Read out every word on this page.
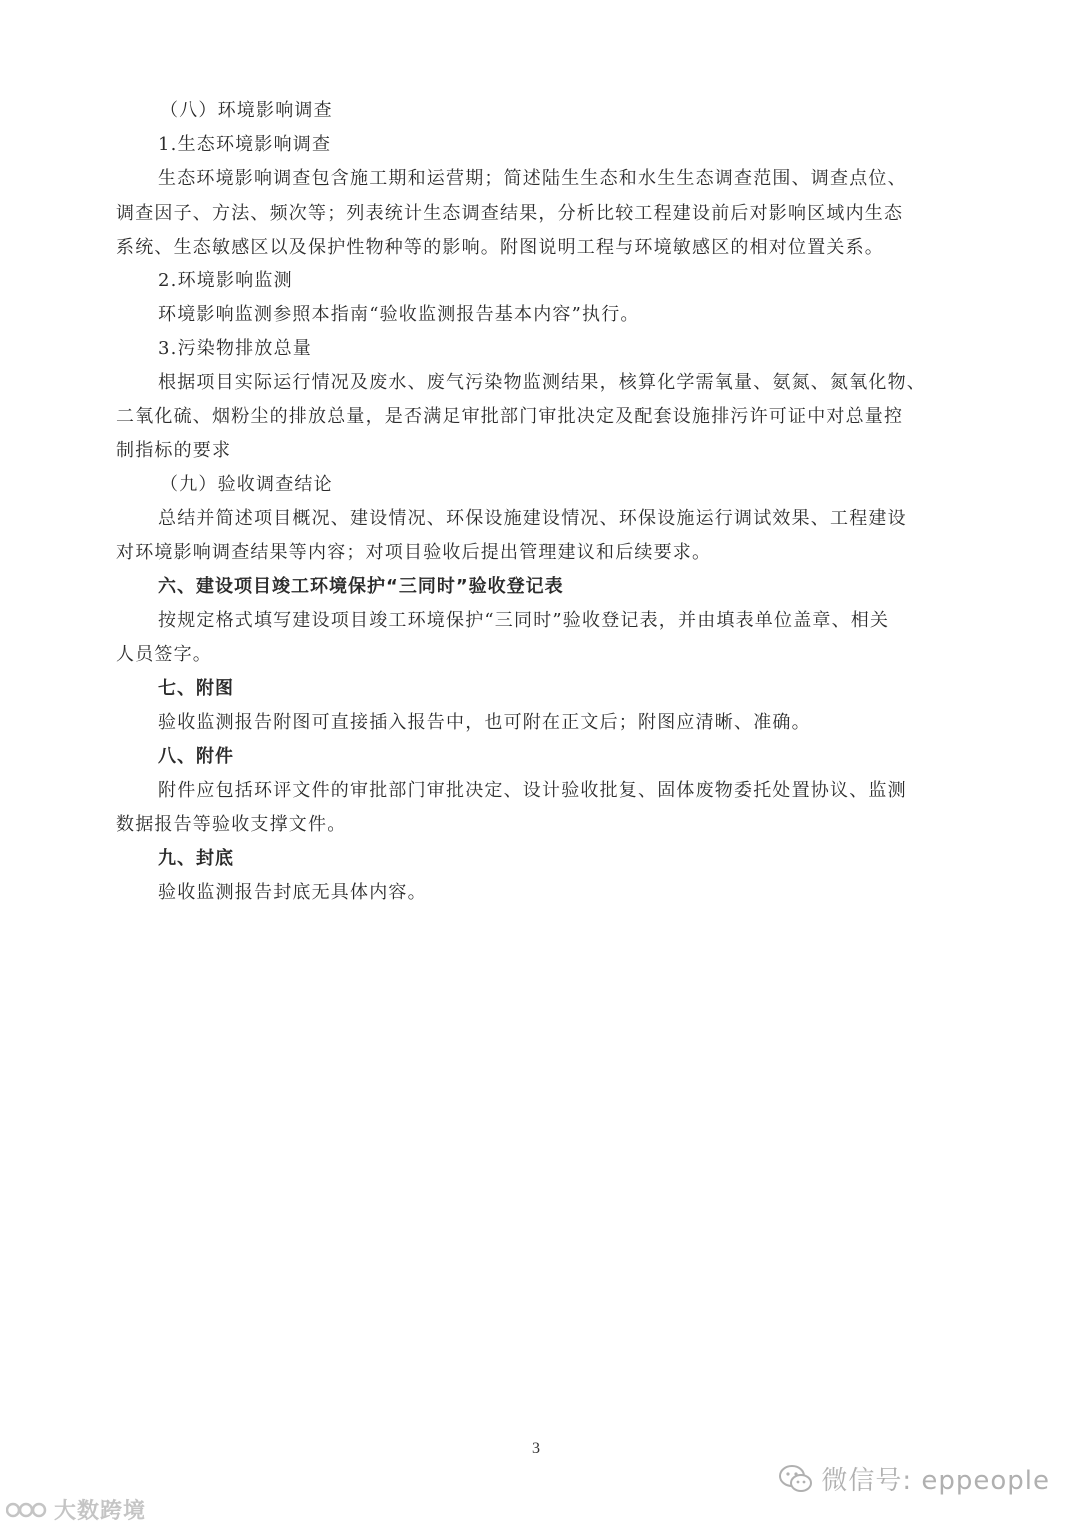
（八）环境影响调查
1.生态环境影响调查
生态环境影响调查包含施工期和运营期；简述陆生生态和水生生态调查范围、调查点位、
调查因子、方法、频次等；列表统计生态调查结果，分析比较工程建设前后对影响区域内生态
系统、生态敏感区以及保护性物种等的影响。附图说明工程与环境敏感区的相对位置关系。
2.环境影响监测
环境影响监测参照本指南“验收监测报告基本内容”执行。
3.污染物排放总量
根据项目实际运行情况及废水、废气污染物监测结果，核算化学需氧量、氨氮、氮氧化物、
二氧化硫、烟粉尘的排放总量，是否满足审批部门审批决定及配套设施排污许可证中对总量控
制指标的要求
（九）验收调查结论
总结并简述项目概况、建设情况、环保设施建设情况、环保设施运行调试效果、工程建设
对环境影响调查结果等内容；对项目验收后提出管理建议和后续要求。
六、建设项目竣工环境保护“三同时”验收登记表
按规定格式填写建设项目竣工环境保护“三同时”验收登记表，并由填表单位盖章、相关
人员签字。
七、附图
验收监测报告附图可直接插入报告中，也可附在正文后；附图应清晰、准确。
八、附件
附件应包括环评文件的审批部门审批决定、设计验收批复、固体废物委托处置协议、监测
数据报告等验收支撑文件。
九、封底
验收监测报告封底无具体内容。
3
微信号: eppeople
大数跨境
